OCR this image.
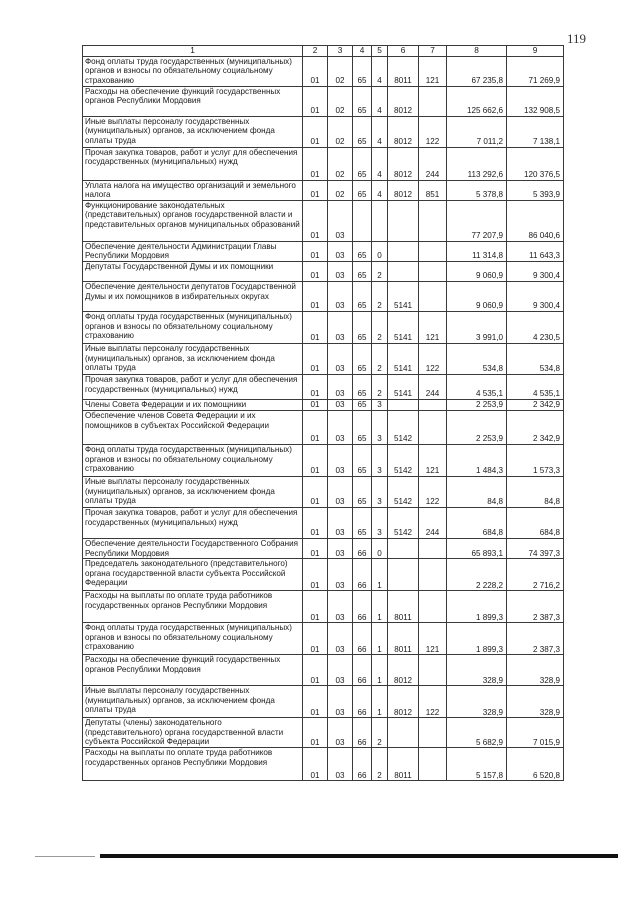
119
1	2	3	4	5	6	7	8	9
Фонд оплаты труда государственных (муниципальных) органов и взносы по обязательному социальному страхованию	01	02	65	4	8011	121	67 235,8	71 269,9
Расходы на обеспечение функций государственных органов Республики Мордовия	01	02	65	4	8012		125 662,6	132 908,5
Иные выплаты персоналу государственных (муниципальных) органов, за исключением фонда оплаты труда	01	02	65	4	8012	122	7 011,2	7 138,1
Прочая закупка товаров, работ и услуг для обеспечения государственных (муниципальных) нужд	01	02	65	4	8012	244	113 292,6	120 376,5
Уплата налога на имущество организаций и земельного налога	01	02	65	4	8012	851	5 378,8	5 393,9
Функционирование законодательных (представительных) органов государственной власти и представительных органов муниципальных образований	01	03					77 207,9	86 040,6
Обеспечение деятельности Администрации Главы Республики Мордовия	01	03	65	0			11 314,8	11 643,3
Депутаты Государственной Думы и их помощники	01	03	65	2			9 060,9	9 300,4
Обеспечение деятельности депутатов Государственной Думы и их помощников в избирательных округах	01	03	65	2	5141		9 060,9	9 300,4
Фонд оплаты труда государственных (муниципальных) органов и взносы по обязательному социальному страхованию	01	03	65	2	5141	121	3 991,0	4 230,5
Иные выплаты персоналу государственных (муниципальных) органов, за исключением фонда оплаты труда	01	03	65	2	5141	122	534,8	534,8
Прочая закупка товаров, работ и услуг для обеспечения государственных (муниципальных) нужд	01	03	65	2	5141	244	4 535,1	4 535,1
Члены Совета Федерации и их помощники	01	03	65	3			2 253,9	2 342,9
Обеспечение членов Совета Федерации и их помощников в субъектах Российской Федерации	01	03	65	3	5142		2 253,9	2 342,9
Фонд оплаты труда государственных (муниципальных) органов и взносы по обязательному социальному страхованию	01	03	65	3	5142	121	1 484,3	1 573,3
Иные выплаты персоналу государственных (муниципальных) органов, за исключением фонда оплаты труда	01	03	65	3	5142	122	84,8	84,8
Прочая закупка товаров, работ и услуг для обеспечения государственных (муниципальных) нужд	01	03	65	3	5142	244	684,8	684,8
Обеспечение деятельности Государственного Собрания Республики Мордовия	01	03	66	0			65 893,1	74 397,3
Председатель законодательного (представительного) органа государственной власти субъекта Российской Федерации	01	03	66	1			2 228,2	2 716,2
Расходы на выплаты по оплате труда работников государственных органов Республики Мордовия	01	03	66	1	8011		1 899,3	2 387,3
Фонд оплаты труда государственных (муниципальных) органов и взносы по обязательному социальному страхованию	01	03	66	1	8011	121	1 899,3	2 387,3
Расходы на обеспечение функций государственных органов Республики Мордовия	01	03	66	1	8012		328,9	328,9
Иные выплаты персоналу государственных (муниципальных) органов, за исключением фонда оплаты труда	01	03	66	1	8012	122	328,9	328,9
Депутаты (члены) законодательного (представительного) органа государственной власти субъекта Российской Федерации	01	03	66	2			5 682,9	7 015,9
Расходы на выплаты по оплате труда работников государственных органов Республики Мордовия	01	03	66	2	8011		5 157,8	6 520,8
